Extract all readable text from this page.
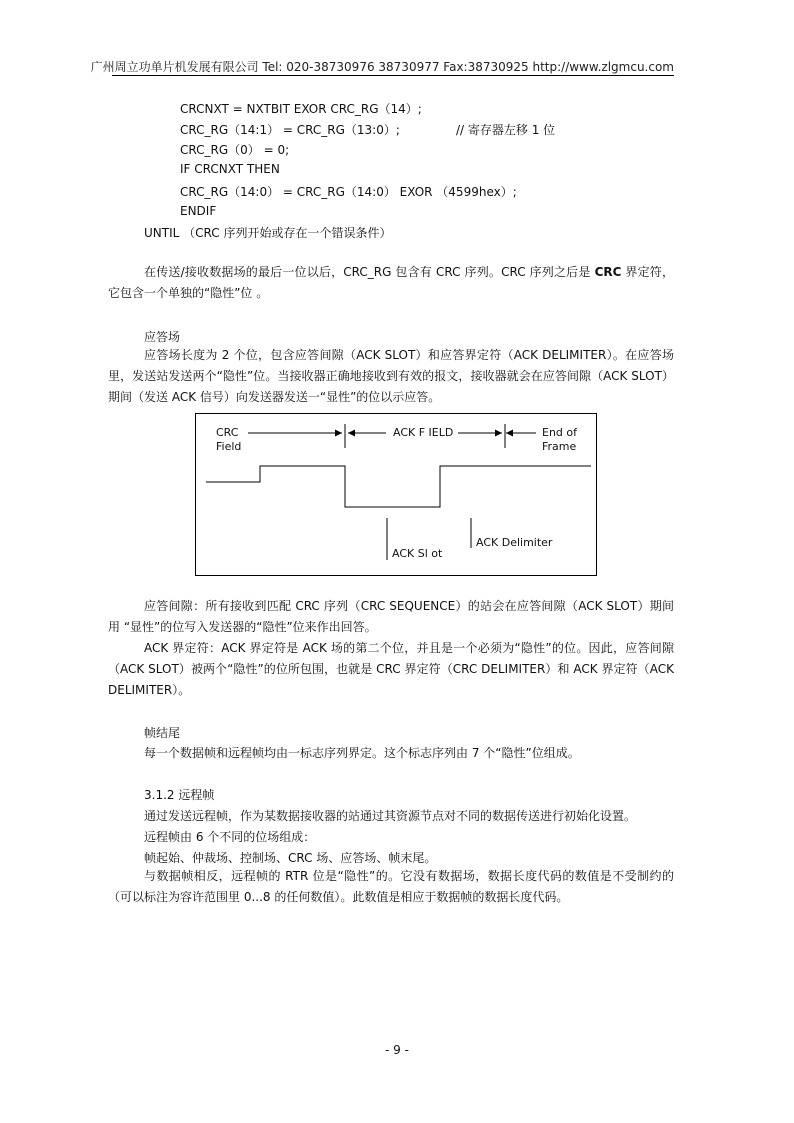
广州周立功单片机发展有限公司 Tel: 020-38730976 38730977 Fax:38730925 http://www.zlgmcu.com
CRCNXT = NXTBIT EXOR CRC_RG（14）;
CRC_RG（14:1） = CRC_RG（13:0）;	// 寄存器左移 1 位
CRC_RG（0） = 0;
IF CRCNXT THEN
CRC_RG（14:0） = CRC_RG（14:0） EXOR （4599hex）;
ENDIF
UNTIL （CRC 序列开始或存在一个错误条件）
在传送/接收数据场的最后一位以后，CRC_RG 包含有 CRC 序列。CRC 序列之后是 CRC 界定符，它包含一个单独的“隐性”位 。
应答场
应答场长度为 2 个位，包含应答间隙（ACK SLOT）和应答界定符（ACK DELIMITER）。在应答场里，发送站发送两个“隐性”位。当接收器正确地接收到有效的报文，接收器就会在应答间隙（ACK SLOT）期间（发送 ACK 信号）向发送器发送一“显性”的位以示应答。
CRC
Field
ACK F IELD	End of
Frame
ACK Delimiter
ACK Sl ot
应答间隙：所有接收到匹配 CRC 序列（CRC SEQUENCE）的站会在应答间隙（ACK SLOT）期间用 “显性”的位写入发送器的“隐性”位来作出回答。
ACK 界定符：ACK 界定符是 ACK 场的第二个位，并且是一个必须为“隐性”的位。因此，应答间隙（ACK SLOT）被两个“隐性”的位所包围，也就是 CRC 界定符（CRC DELIMITER）和 ACK 界定符（ACK DELIMITER）。
帧结尾
每一个数据帧和远程帧均由一标志序列界定。这个标志序列由 7 个“隐性”位组成。
3.1.2 远程帧
通过发送远程帧，作为某数据接收器的站通过其资源节点对不同的数据传送进行初始化设置。
远程帧由 6 个不同的位场组成：
帧起始、仲裁场、控制场、CRC 场、应答场、帧末尾。
与数据帧相反，远程帧的 RTR 位是“隐性”的。它没有数据场，数据长度代码的数值是不受制约的（可以标注为容许范围里 0...8 的任何数值）。此数值是相应于数据帧的数据长度代码。
- 9 -
